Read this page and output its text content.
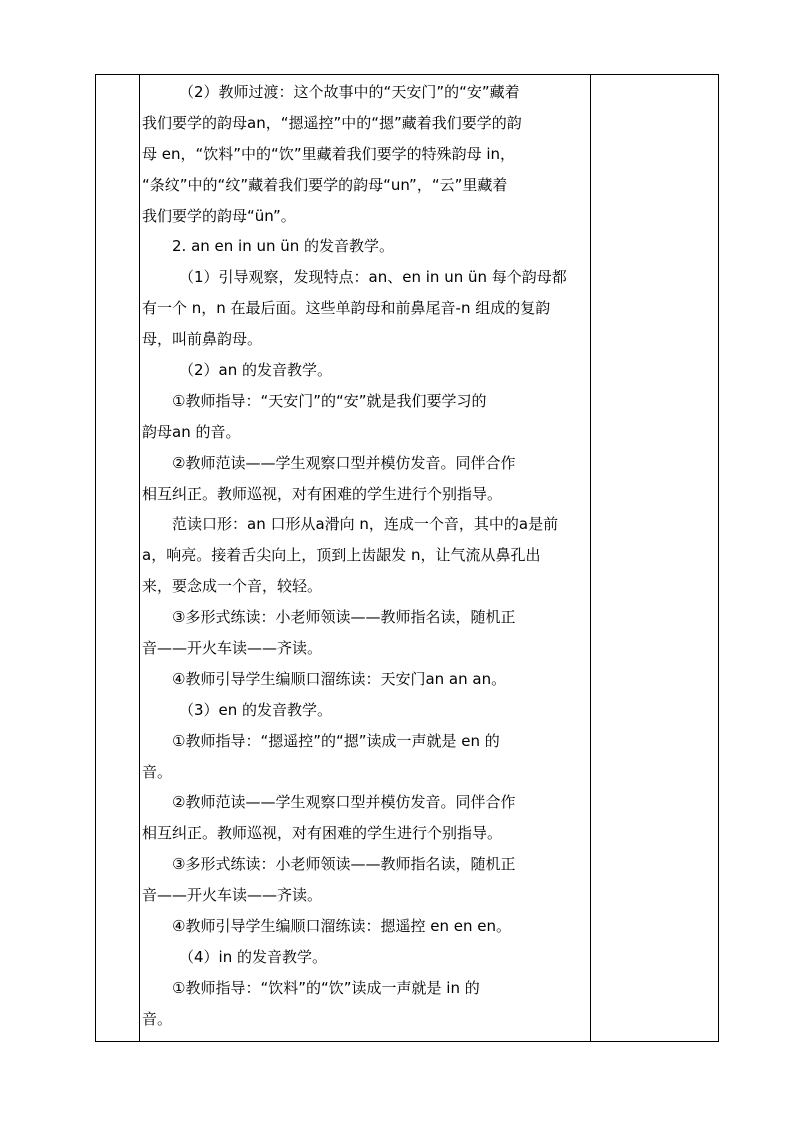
（2）教师过渡：这个故事中的“天安门”的“安”藏着
我们要学的韵母an，“摁遥控”中的“摁”藏着我们要学的韵
母 en，“饮料”中的“饮”里藏着我们要学的特殊韵母 in，
“条纹”中的“纹”藏着我们要学的韵母“un”，“云”里藏着
我们要学的韵母“ün”。
2. an en in un ün 的发音教学。
（1）引导观察，发现特点：an、en in un ün 每个韵母都
有一个 n，n 在最后面。这些单韵母和前鼻尾音-n 组成的复韵
母，叫前鼻韵母。
（2）an 的发音教学。
①教师指导：“天安门”的“安”就是我们要学习的
韵母an 的音。
②教师范读——学生观察口型并模仿发音。同伴合作
相互纠正。教师巡视，对有困难的学生进行个别指导。
范读口形：an 口形从a滑向 n，连成一个音，其中的a是前
a，响亮。接着舌尖向上，顶到上齿龈发 n，让气流从鼻孔出
来，要念成一个音，较轻。
③多形式练读：小老师领读——教师指名读，随机正
音——开火车读——齐读。
④教师引导学生编顺口溜练读：天安门an an an。
（3）en 的发音教学。
①教师指导：“摁遥控”的“摁”读成一声就是 en 的
音。
②教师范读——学生观察口型并模仿发音。同伴合作
相互纠正。教师巡视，对有困难的学生进行个别指导。
③多形式练读：小老师领读——教师指名读，随机正
音——开火车读——齐读。
④教师引导学生编顺口溜练读：摁遥控 en en en。
（4）in 的发音教学。
①教师指导：“饮料”的“饮”读成一声就是 in 的
音。
